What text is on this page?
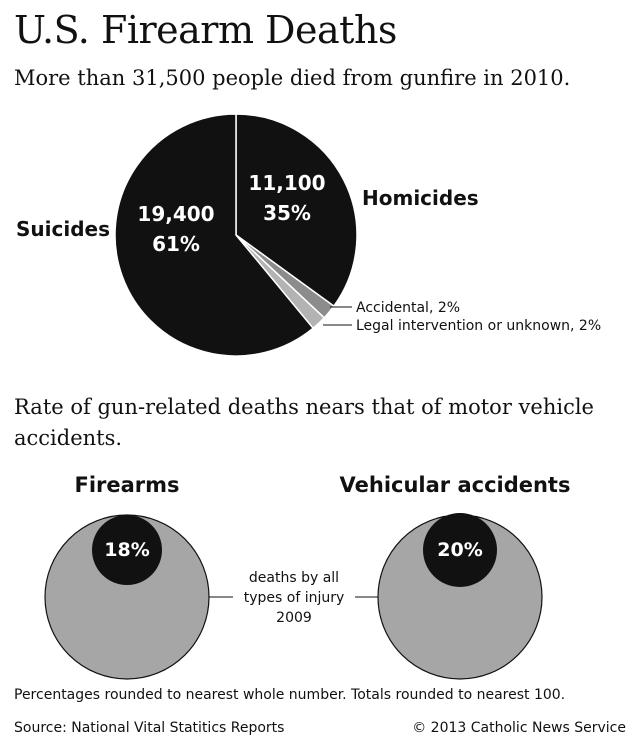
U.S. Firearm Deaths
More than 31,500 people died from gunfire in 2010.
Homicides
Suicides
11,100
35%
19,400
61%
Accidental, 2%
Legal intervention or unknown, 2%
Firearms	Vehicular accidents
18%	20%
deaths by all
types of injury
2009
Rate of gun-related deaths nears that of motor vehicle accidents.
Percentages rounded to nearest whole number. Totals rounded to nearest 100.
Source: National Vital Statitics Reports	© 2013 Catholic News Service
